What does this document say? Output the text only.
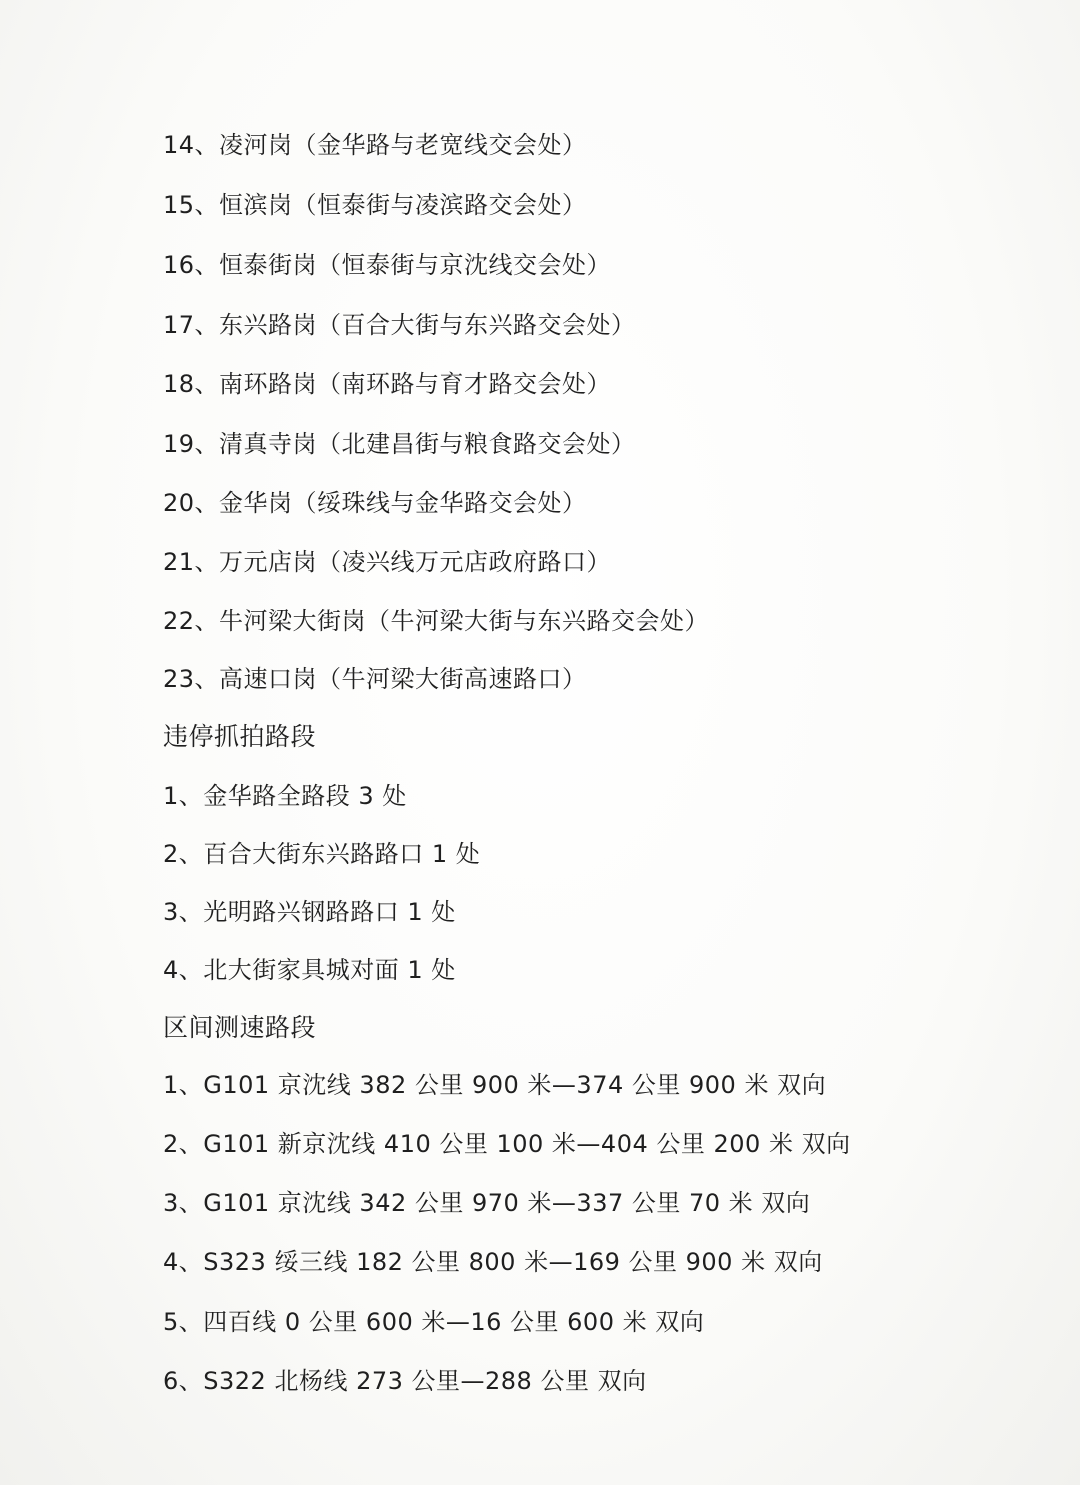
14、凌河岗（金华路与老宽线交会处）
15、恒滨岗（恒泰街与凌滨路交会处）
16、恒泰街岗（恒泰街与京沈线交会处）
17、东兴路岗（百合大街与东兴路交会处）
18、南环路岗（南环路与育才路交会处）
19、清真寺岗（北建昌街与粮食路交会处）
20、金华岗（绥珠线与金华路交会处）
21、万元店岗（凌兴线万元店政府路口）
22、牛河梁大街岗（牛河梁大街与东兴路交会处）
23、高速口岗（牛河梁大街高速路口）
违停抓拍路段
1、金华路全路段 3 处
2、百合大街东兴路路口 1 处
3、光明路兴钢路路口 1 处
4、北大街家具城对面 1 处
区间测速路段
1、G101 京沈线 382 公里 900 米—374 公里 900 米 双向
2、G101 新京沈线 410 公里 100 米—404 公里 200 米 双向
3、G101 京沈线 342 公里 970 米—337 公里 70 米 双向
4、S323 绥三线 182 公里 800 米—169 公里 900 米 双向
5、四百线 0 公里 600 米—16 公里 600 米 双向
6、S322 北杨线 273 公里—288 公里 双向
